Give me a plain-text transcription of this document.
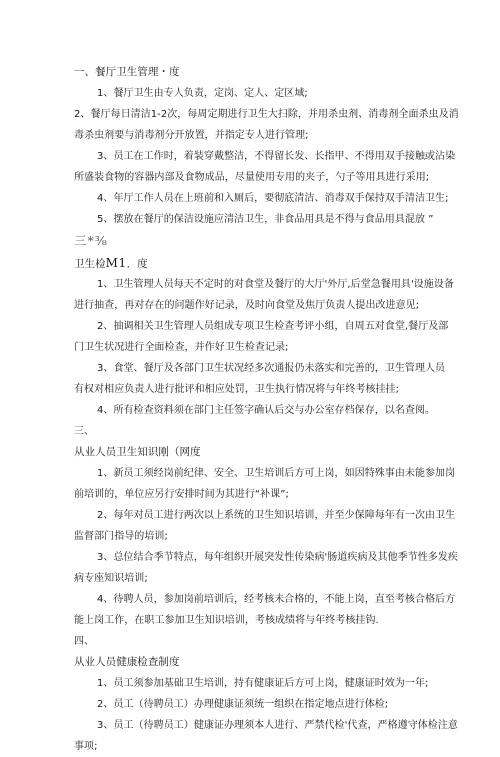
一、餐厅卫生管理・度
1、餐厅卫生由专人负责，定岗、定人、定区域;
2、餐厅每日清洁1-2次，每周定期进行卫生大扫除，并用杀虫剂、消毒剂全面杀虫及消
毒杀虫剂要与消毒剂分开放置，并指定专人进行管理;
3、员工在工作时，着装穿戴整洁，不得留长发、长指甲、不得用双手接触或沾染
所盛装食物的容器内部及食物成品，尽量使用专用的夹子，勺子等用具进行采用;
4、年厅工作人员在上班前和入厕后，要彻底清洁、消毒双手保持双手清洁卫生;
5、摆放在餐厅的保洁设施应清洁卫生，非食品用具是不得与食品用具混放 ”
三*⅜
卫生检M1．度
1、卫生管理人员每天不定时的对食堂及餐厅的大厅'外厅,后堂急餐用具'设施设备
进行抽查，再对存在的问题作好记录，及时向食堂及焦厅负责人提出改进意见;
2、抽调相关卫生管理人员组成专项卫生检查考评小组，自周五对食堂,餐厅及部
门卫生状况进行全面检查，并作好卫生检查记录;
3、食堂、餐厅及各部门卫生状况经多次通报仍未落实和完善的，卫生管理人员
有权对相应负责人进行批评和相应处罚，卫生执行情况将与年终考核挂挂;
4、所有检查资料须在部门主任签字确认后交与办公室存档保存，以名查阅。
三、
从业人员卫生知识刚（网度
1、新员工须经岗前纪律、安全、卫生培训后方可上岗，如因特殊事由未能参加岗
前培训的，单位应另行安排时间为其进行“补课”;
2、每年对员工进行两次以上系统的卫生知识培训，并至少保障每年有一次由卫生
监督部门指导的培训;
3、总位结合季节特点，每年组织开展突发性传染病'肠道疾病及其他季节性多发疾
病专座知识培训;
4、待聘人员，参加岗前培训后，经考核未合格的，不能上岗，直至考核合格后方
能上岗工作，在职工参加卫生知识培训，考核成绩将与年终考核挂钩.
四、
从业人员健康检查制度
1、员工须参加基础卫生培训，持有健康证后方可上岗，健康证时效为一年;
2、员工（待聘员工）办理健康证须统一组织在指定地点进行体检;
3、员工（待聘员工）健康证办理须本人进行、严禁代检'代查，严格遵守体检注意
事项;
